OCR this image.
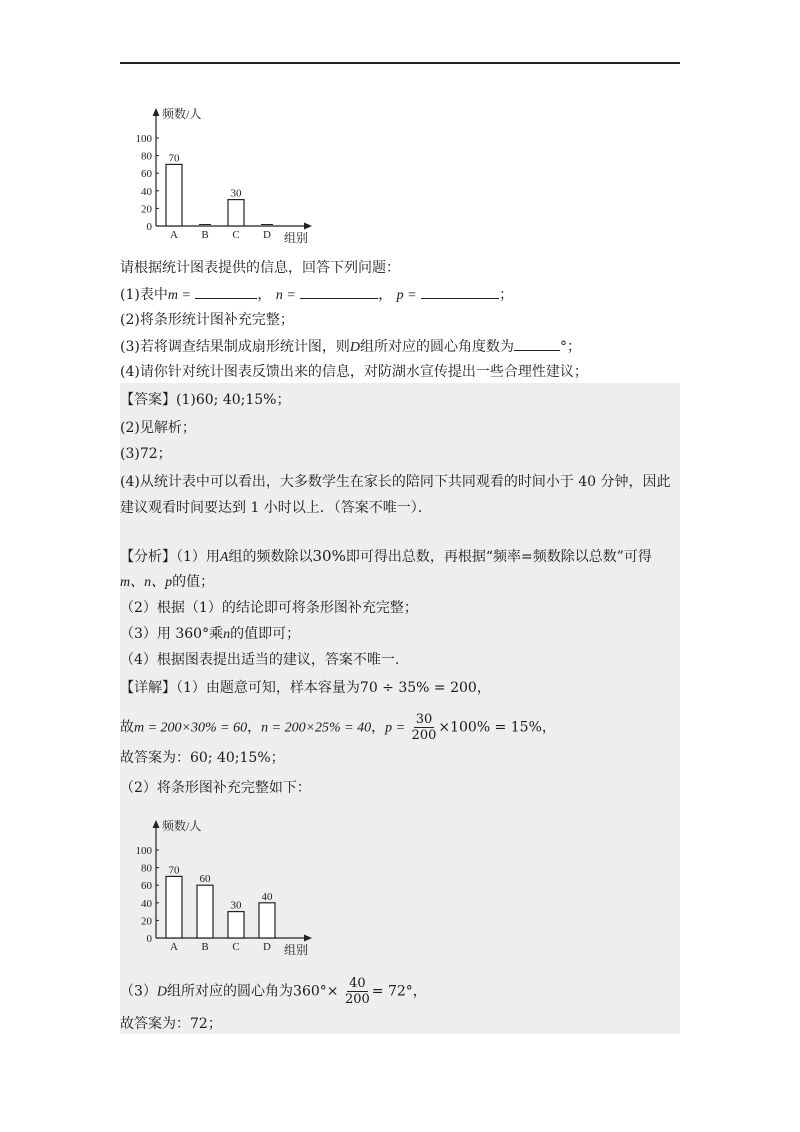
频数/人
组别
0
20
40
60
80
100
A
70
B C
30
D
请根据统计图表提供的信息，回答下列问题：
(1)表中m =	， n =	， p =	；
(2)将条形统计图补充完整；
(3)若将调查结果制成扇形统计图，则D组所对应的圆心角度数为	°；
(4)请你针对统计图表反馈出来的信息，对防湖水宣传提出一些合理性建议；
【答案】(1)60; 40;15%；
(2)见解析；
(3)72；
(4)从统计表中可以看出，大多数学生在家长的陪同下共同观看的时间小于 40 分钟，因此
建议观看时间要达到 1 小时以上．（答案不唯一）．
【分析】（1）用A组的频数除以30%即可得出总数，再根据“频率=频数除以总数”可得
m、n、p的值；
（2）根据（1）的结论即可将条形图补充完整；
（3）用 360°乘n的值即可；
（4）根据图表提出适当的建议，答案不唯一.
【详解】（1）由题意可知，样本容量为70 ÷ 35% = 200，
故m = 200×30% = 60，n = 200×25% = 40，$p = \frac{30}{200} \times 100\% = 15\%$，
故答案为：60; 40;15%；
（2）将条形图补充完整如下：
频数/人
组别
0
20
40
60
80
100
A
70
B
60
C
30
D
40
（3）D组所对应的圆心角为$360^\circ\times \frac{40}{200} = 72^\circ$，
故答案为：72；
